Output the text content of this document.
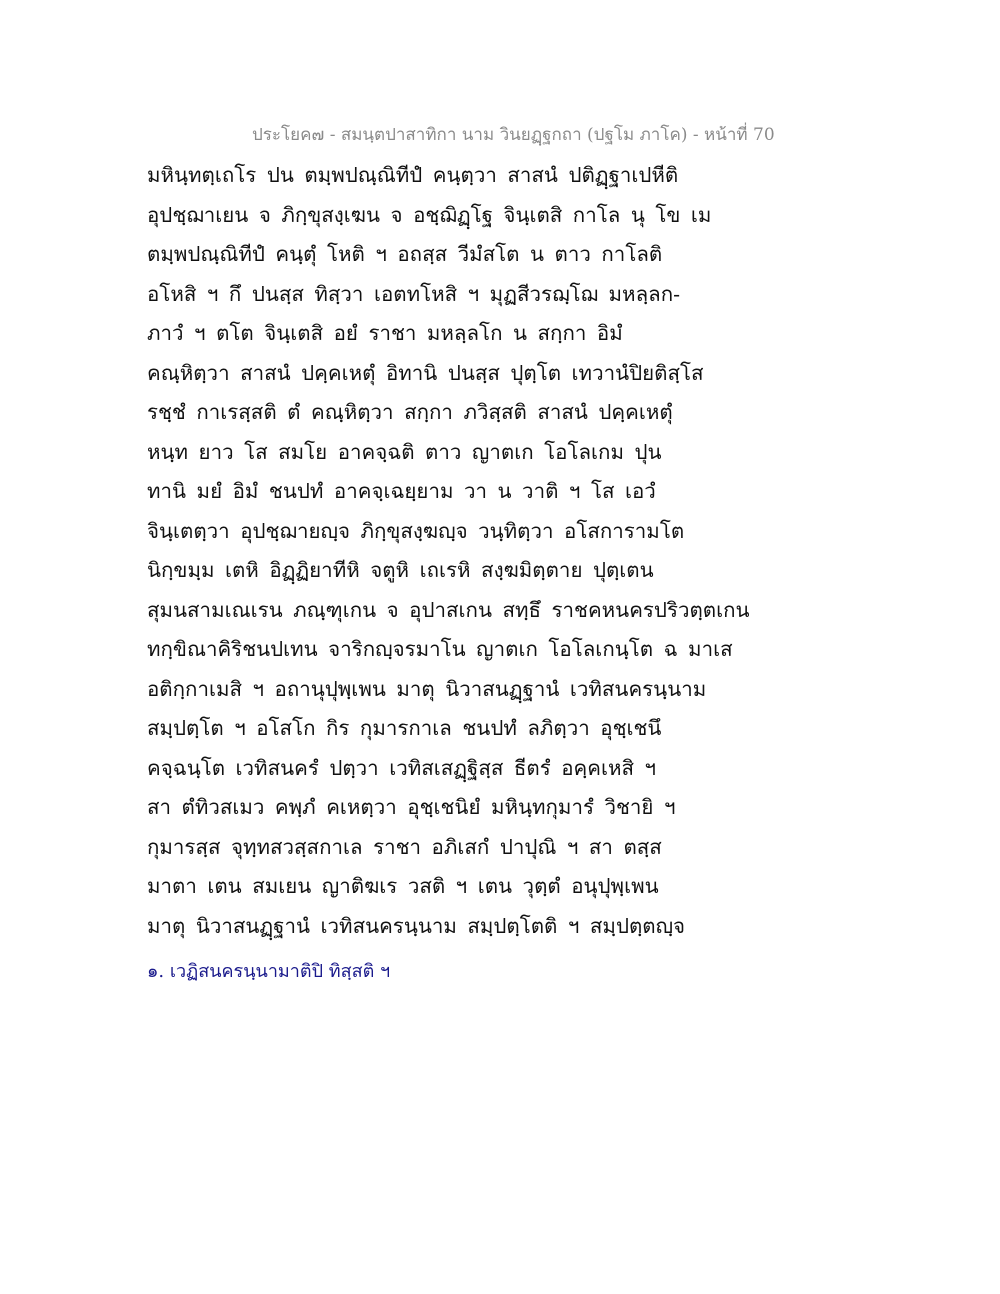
ประโยค๗ - สมนฺตปาสาทิกา นาม วินยฏฺฐกถา (ปฐโม ภาโค) - หน้าที่ 70
มหินฺทตฺเถโร ปน ตมฺพปณฺณิทีปํ คนฺตฺวา สาสนํ ปติฏฺฐาเปหีติ
อุปชฺฌาเยน จ ภิกฺขุสงฺเฆน จ อชฺฌิฏฺโฐ จินฺเตสิ กาโล นุ โข เม
ตมฺพปณฺณิทีปํ คนฺตุํ โหติ ฯ อถสฺส วีมํสโต น ตาว กาโลติ
อโหสิ ฯ กึ ปนสฺส ทิสฺวา เอตทโหสิ ฯ มุฏสีวรฌฺโฌ มหลฺลก-
ภาวํ ฯ ตโต จินฺเตสิ อยํ ราชา มหลฺลโก น สกฺกา อิมํ
คณฺหิตฺวา สาสนํ ปคฺคเหตุํ อิทานิ ปนสฺส ปุตฺโต เทวานํปิยติสฺโส
รชฺชํ กาเรสฺสติ ตํ คณฺหิตฺวา สกฺกา ภวิสฺสติ สาสนํ ปคฺคเหตุํ
หนฺท ยาว โส สมโย อาคจฺฉติ ตาว ญาตเก โอโลเกม ปุน
ทานิ มยํ อิมํ ชนปทํ อาคจฺเฉยฺยาม วา น วาติ ฯ โส เอวํ
จินฺเตตฺวา อุปชฺฌายญฺจ ภิกฺขุสงฺฆญฺจ วนฺทิตฺวา อโสการามโต
นิกฺขมฺม เตหิ อิฏฺฏิยาทีหิ จตูหิ เถเรหิ สงฺฆมิตฺตาย ปุตฺเตน
สุมนสามเณเรน ภณฺฑุเกน จ อุปาสเกน สทฺธึ ราชคหนครปริวตฺตเกน
ทกฺขิณาคิริชนปเทน จาริกญฺจรมาโน ญาตเก โอโลเกนฺโต ฉ มาเส
อติกฺกาเมสิ ฯ อถานุปุพฺเพน มาตุ นิวาสนฏฺฐานํ เวทิสนครนฺนาม
สมฺปตฺโต ฯ อโสโก กิร กุมารกาเล ชนปทํ ลภิตฺวา อุชฺเชนึ
คจฺฉนฺโต เวทิสนครํ ปตฺวา เวทิสเสฏฺฐิสฺส ธีตรํ อคฺคเหสิ ฯ
สา ตํทิวสเมว คพฺภํ คเหตฺวา อุชฺเชนิยํ มหินฺทกุมารํ วิชายิ ฯ
กุมารสฺส จุทฺทสวสฺสกาเล ราชา อภิเสกํ ปาปุณิ ฯ สา ตสฺส
มาตา เตน สมเยน ญาติฆเร วสติ ฯ เตน วุตฺตํ อนุปุพฺเพน
มาตุ นิวาสนฏฺฐานํ เวทิสนครนฺนาม สมฺปตฺโตติ ฯ สมฺปตฺตญฺจ
๑. เวฏิสนครนฺนามาติปิ ทิสฺสติ ฯ
